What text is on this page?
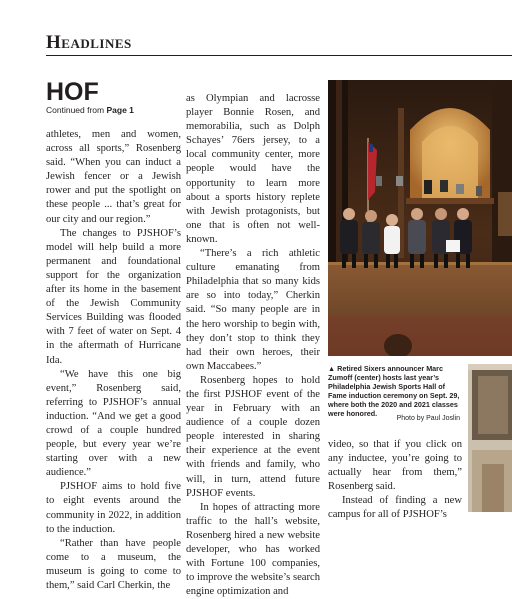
Headlines
HOF
Continued from Page 1

athletes, men and women, across all sports,” Rosenberg said. “When you can induct a Jewish fencer or a Jewish rower and put the spotlight on these people ... that’s great for our city and our region.”

The changes to PJSHOF’s model will help build a more permanent and foundational support for the organization after its home in the basement of the Jewish Community Services Building was flooded with 7 feet of water on Sept. 4 in the aftermath of Hurricane Ida.

“We have this one big event,” Rosenberg said, referring to PJSHOF’s annual induction. “And we get a good crowd of a couple hundred people, but every year we’re starting over with a new audience.”

PJSHOF aims to hold five to eight events around the community in 2022, in addition to the induction.

“Rather than have people come to a museum, the museum is going to come to them,” said Carl Cherkin, the

as Olympian and lacrosse player Bonnie Rosen, and memorabilia, such as Dolph Schayes’ 76ers jersey, to a local community center, more people would have the opportunity to learn more about a sports history replete with Jewish protagonists, but one that is often not well-known.

“There’s a rich athletic culture emanating from Philadelphia that so many kids are so into today,” Cherkin said. “So many people are in the hero worship to begin with, they don’t stop to think they had their own heroes, their own Maccabees.”

Rosenberg hopes to hold the first PJSHOF event of the year in February with an audience of a couple dozen people interested in sharing their experience at the event with friends and family, who will, in turn, attend future PJSHOF events.

In hopes of attracting more traffic to the hall’s website, Rosenberg hired a new website developer, who has worked with Fortune 100 companies, to improve the website’s search engine optimization and

▲ Retired Sixers announcer Marc Zumoff (center) hosts last year’s Philadelphia Jewish Sports Hall of Fame induction ceremony on Sept. 29, where both the 2020 and 2021 classes were honored.
Photo by Paul Joslin

video, so that if you click on any inductee, you’re going to actually hear from them,” Rosenberg said.

Instead of finding a new campus for all of PJSHOF’s
